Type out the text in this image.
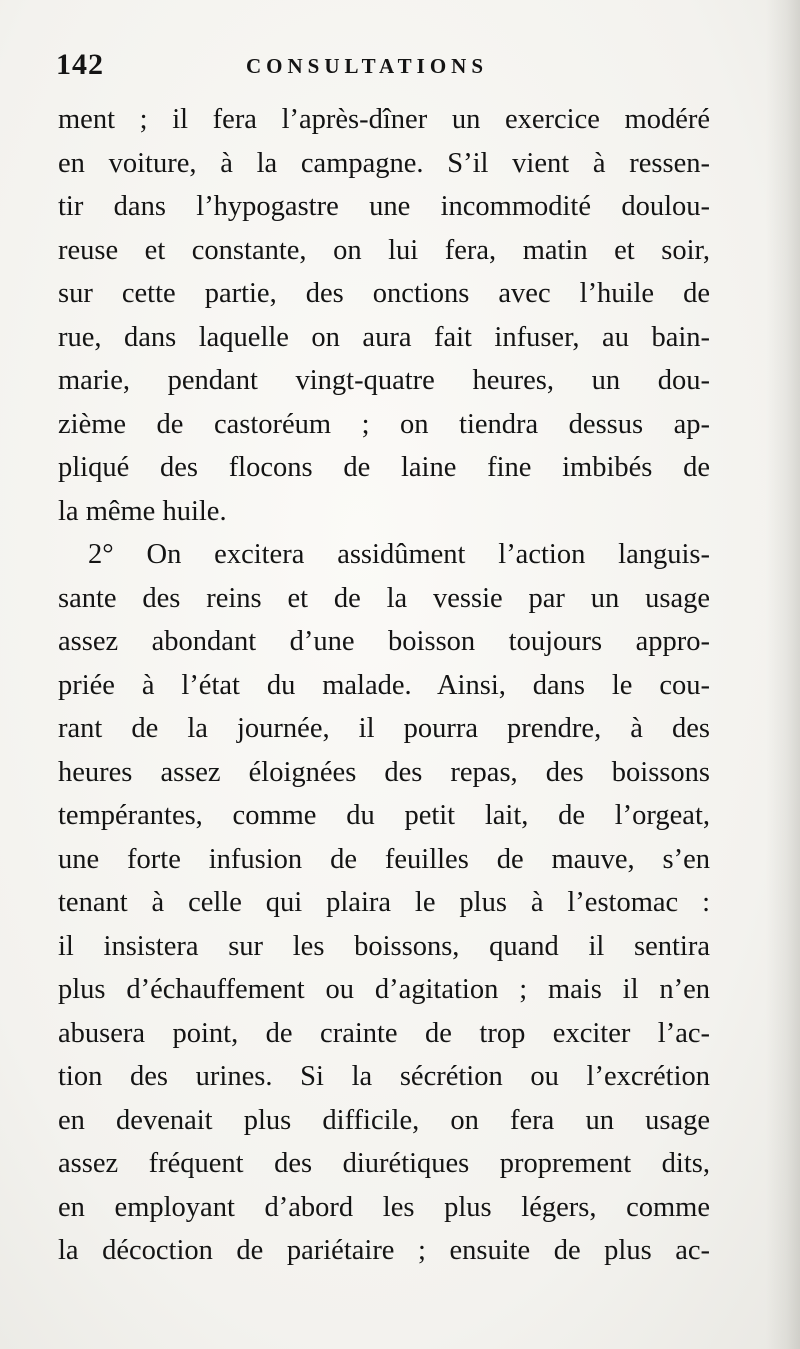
142	CONSULTATIONS
ment ; il fera l’après-dîner un exercice modéré
en voiture, à la campagne. S’il vient à ressen-
tir dans l’hypogastre une incommodité doulou-
reuse et constante, on lui fera, matin et soir,
sur cette partie, des onctions avec l’huile de
rue, dans laquelle on aura fait infuser, au bain-
marie, pendant vingt-quatre heures, un dou-
zième de castoréum ; on tiendra dessus ap-
pliqué des flocons de laine fine imbibés de
la même huile.
2° On excitera assidûment l’action languis-
sante des reins et de la vessie par un usage
assez abondant d’une boisson toujours appro-
priée à l’état du malade. Ainsi, dans le cou-
rant de la journée, il pourra prendre, à des
heures assez éloignées des repas, des boissons
tempérantes, comme du petit lait, de l’orgeat,
une forte infusion de feuilles de mauve, s’en
tenant à celle qui plaira le plus à l’estomac :
il insistera sur les boissons, quand il sentira
plus d’échauffement ou d’agitation ; mais il n’en
abusera point, de crainte de trop exciter l’ac-
tion des urines. Si la sécrétion ou l’excrétion
en devenait plus difficile, on fera un usage
assez fréquent des diurétiques proprement dits,
en employant d’abord les plus légers, comme
la décoction de pariétaire ; ensuite de plus ac-
